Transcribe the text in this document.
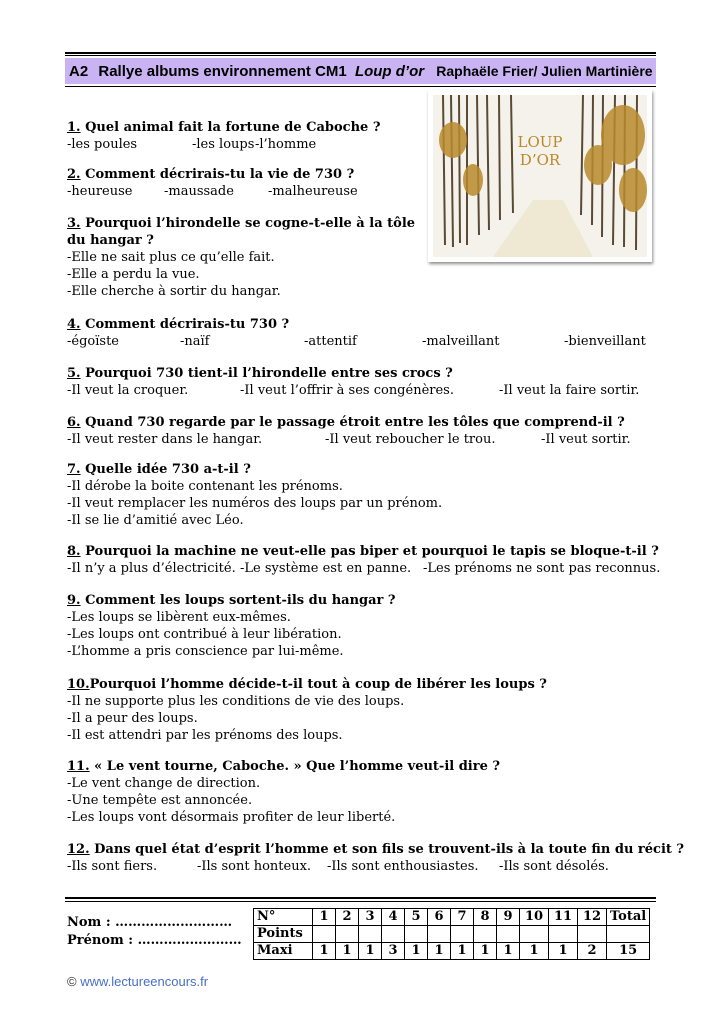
A2 Rallye albums environnement CM1 Loup d’or Raphaële Frier/ Julien Martinière
LOUP
D’OR
1. Quel animal fait la fortune de Caboche ?
-les poules	-les loups -l’homme
2. Comment décrirais-tu la vie de 730 ?
-heureuse -maussade	-malheureuse
3. Pourquoi l’hirondelle se cogne-t-elle à la tôle
du hangar ?
-Elle ne sait plus ce qu’elle fait.
-Elle a perdu la vue.
-Elle cherche à sortir du hangar.
4. Comment décrirais-tu 730 ?
-égoïste	-naïf	-attentif	-malveillant	-bienveillant
5. Pourquoi 730 tient-il l’hirondelle entre ses crocs ?
-Il veut la croquer.	-Il veut l’offrir à ses congénères.	-Il veut la faire sortir.
6. Quand 730 regarde par le passage étroit entre les tôles que comprend-il ?
-Il veut rester dans le hangar.	-Il veut reboucher le trou.	-Il veut sortir.
7. Quelle idée 730 a-t-il ?
-Il dérobe la boite contenant les prénoms.
-Il veut remplacer les numéros des loups par un prénom.
-Il se lie d’amitié avec Léo.
8. Pourquoi la machine ne veut-elle pas biper et pourquoi le tapis se bloque-t-il ?
-Il n’y a plus d’électricité. -Le système est en panne. -Les prénoms ne sont pas reconnus.
9. Comment les loups sortent-ils du hangar ?
-Les loups se libèrent eux-mêmes.
-Les loups ont contribué à leur libération.
-L’homme a pris conscience par lui-même.
10.Pourquoi l’homme décide-t-il tout à coup de libérer les loups ?
-Il ne supporte plus les conditions de vie des loups.
-Il a peur des loups.
-Il est attendri par les prénoms des loups.
11. « Le vent tourne, Caboche. » Que l’homme veut-il dire ?
-Le vent change de direction.
-Une tempête est annoncée.
-Les loups vont désormais profiter de leur liberté.
12. Dans quel état d’esprit l’homme et son fils se trouvent-ils à la toute fin du récit ?
-Ils sont fiers.	-Ils sont honteux. -Ils sont enthousiastes. -Ils sont désolés.
Nom : ………………………
Prénom : ……………………
N°	1	2	3	4	5	6	7	8	9	10	11	12	Total
Points													
Maxi	1	1	1	3	1	1	1	1	1	1	1	2	15
© www.lectureencours.fr
